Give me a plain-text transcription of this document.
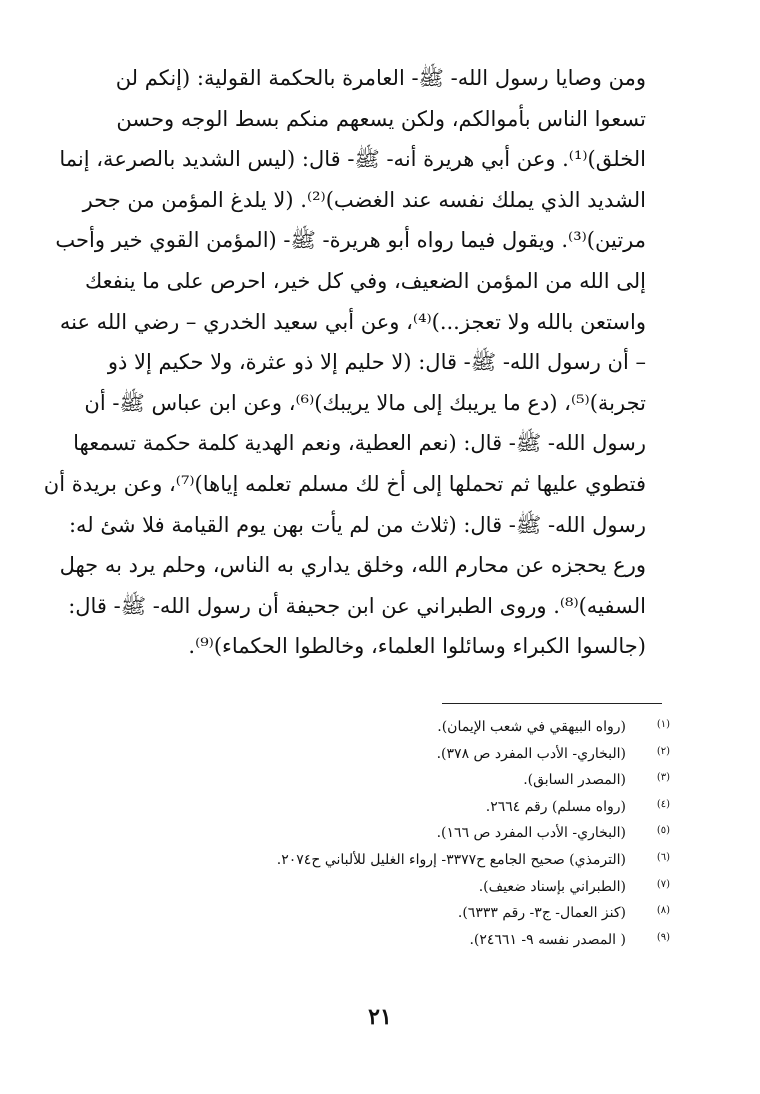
ومن وصايا رسول الله- ﷺ- العامرة بالحكمة القولية: (إنكم لن
تسعوا الناس بأموالكم، ولكن يسعهم منكم بسط الوجه وحسن
الخلق)⁽¹⁾. وعن أبي هريرة أنه- ﷺ- قال: (ليس الشديد بالصرعة، إنما
الشديد الذي يملك نفسه عند الغضب)⁽²⁾. (لا يلدغ المؤمن من جحر
مرتين)⁽³⁾. ويقول فيما رواه أبو هريرة- ﷺ- (المؤمن القوي خير وأحب
إلى الله من المؤمن الضعيف، وفي كل خير، احرص على ما ينفعك
واستعن بالله ولا تعجز...)⁽⁴⁾، وعن أبي سعيد الخدري – رضي الله عنه
– أن رسول الله- ﷺ- قال: (لا حليم إلا ذو عثرة، ولا حكيم إلا ذو
تجربة)⁽⁵⁾، (دع ما يريبك إلى مالا يريبك)⁽⁶⁾، وعن ابن عباس ﷺ- أن
رسول الله- ﷺ- قال: (نعم العطية، ونعم الهدية كلمة حكمة تسمعها
فتطوي عليها ثم تحملها إلى أخ لك مسلم تعلمه إياها)⁽⁷⁾، وعن بريدة أن
رسول الله- ﷺ- قال: (ثلاث من لم يأت بهن يوم القيامة فلا شئ له:
ورع يحجزه عن محارم الله، وخلق يداري به الناس، وحلم يرد به جهل
السفيه)⁽⁸⁾. وروى الطبراني عن ابن جحيفة أن رسول الله- ﷺ- قال:
(جالسوا الكبراء وسائلوا العلماء، وخالطوا الحكماء)⁽⁹⁾.
(١)
(رواه البيهقي في شعب الإيمان).
(٢)
(البخاري- الأدب المفرد ص ٣٧٨).
(٣)
(المصدر السابق).
(٤)
(رواه مسلم) رقم ٢٦٦٤.
(٥)
(البخاري- الأدب المفرد ص ١٦٦).
(٦)
(الترمذي) صحيح الجامع ح٣٣٧٧- إرواء الغليل للألباني ح٢٠٧٤.
(٧)
(الطبراني بإسناد ضعيف).
(٨)
(كنز العمال- ج٣- رقم ٦٣٣٣).
(٩)
( المصدر نفسه ٩- ٢٤٦٦١).
٢١
